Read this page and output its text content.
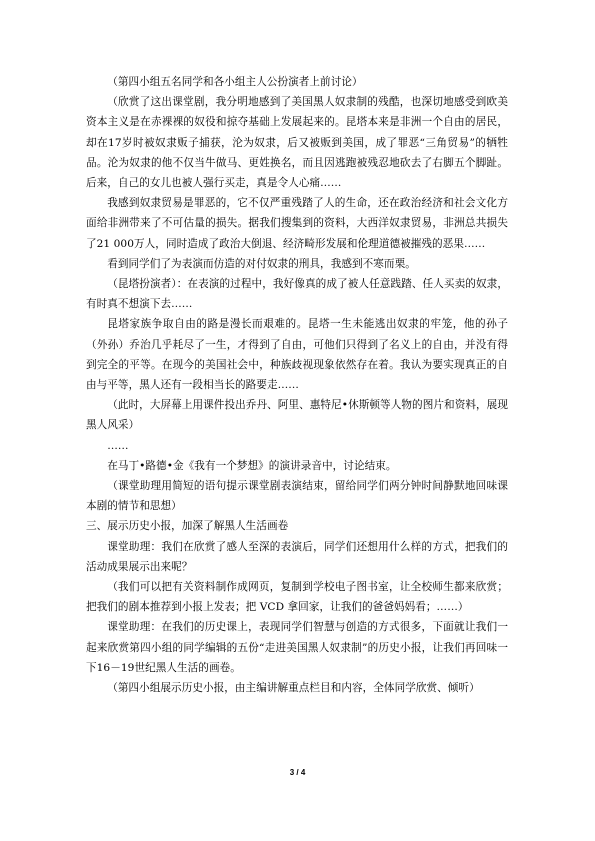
（第四小组五名同学和各小组主人公扮演者上前讨论）

（欣赏了这出课堂剧，我分明地感到了美国黑人奴隶制的残酷，也深切地感受到欧美资本主义是在赤裸裸的奴役和掠夺基础上发展起来的。昆塔本来是非洲一个自由的居民，却在17岁时被奴隶贩子捕获，沦为奴隶，后又被贩到美国，成了罪恶“三角贸易”的牺牲品。沦为奴隶的他不仅当牛做马、更姓换名，而且因逃跑被残忍地砍去了右脚五个脚趾。后来，自己的女儿也被人强行买走，真是令人心痛……

我感到奴隶贸易是罪恶的，它不仅严重残踏了人的生命，还在政治经济和社会文化方面给非洲带来了不可估量的损失。据我们搜集到的资料，大西洋奴隶贸易，非洲总共损失了21 000万人，同时造成了政治大倒退、经济畸形发展和伦理道德被摧残的恶果……

看到同学们了为表演而仿造的对付奴隶的刑具，我感到不寒而栗。

（昆塔扮演者）：在表演的过程中，我好像真的成了被人任意践踏、任人买卖的奴隶，有时真不想演下去……

昆塔家族争取自由的路是漫长而艰难的。昆塔一生未能逃出奴隶的牢笼，他的孙子（外孙）乔治几乎耗尽了一生，才得到了自由，可他们只得到了名义上的自由，并没有得到完全的平等。在现今的美国社会中，种族歧视现象依然存在着。我认为要实现真正的自由与平等，黑人还有一段相当长的路要走……

（此时，大屏幕上用课件投出乔丹、阿里、惠特尼•休斯顿等人物的图片和资料，展现黑人风采）

……

在马丁•路德•金《我有一个梦想》的演讲录音中，讨论结束。

（课堂助理用简短的语句提示课堂剧表演结束，留给同学们两分钟时间静默地回味课本剧的情节和思想）

三、展示历史小报，加深了解黑人生活画卷

课堂助理：我们在欣赏了感人至深的表演后，同学们还想用什么样的方式，把我们的活动成果展示出来呢？

（我们可以把有关资料制作成网页，复制到学校电子图书室，让全校师生都来欣赏；把我们的剧本推荐到小报上发表；把 VCD 拿回家，让我们的爸爸妈妈看；……）

课堂助理：在我们的历史课上，表现同学们智慧与创造的方式很多，下面就让我们一起来欣赏第四小组的同学编辑的五份“走进美国黑人奴隶制”的历史小报，让我们再回味一下16－19世纪黑人生活的画卷。

（第四小组展示历史小报，由主编讲解重点栏目和内容，全体同学欣赏、倾听）

3 / 4
